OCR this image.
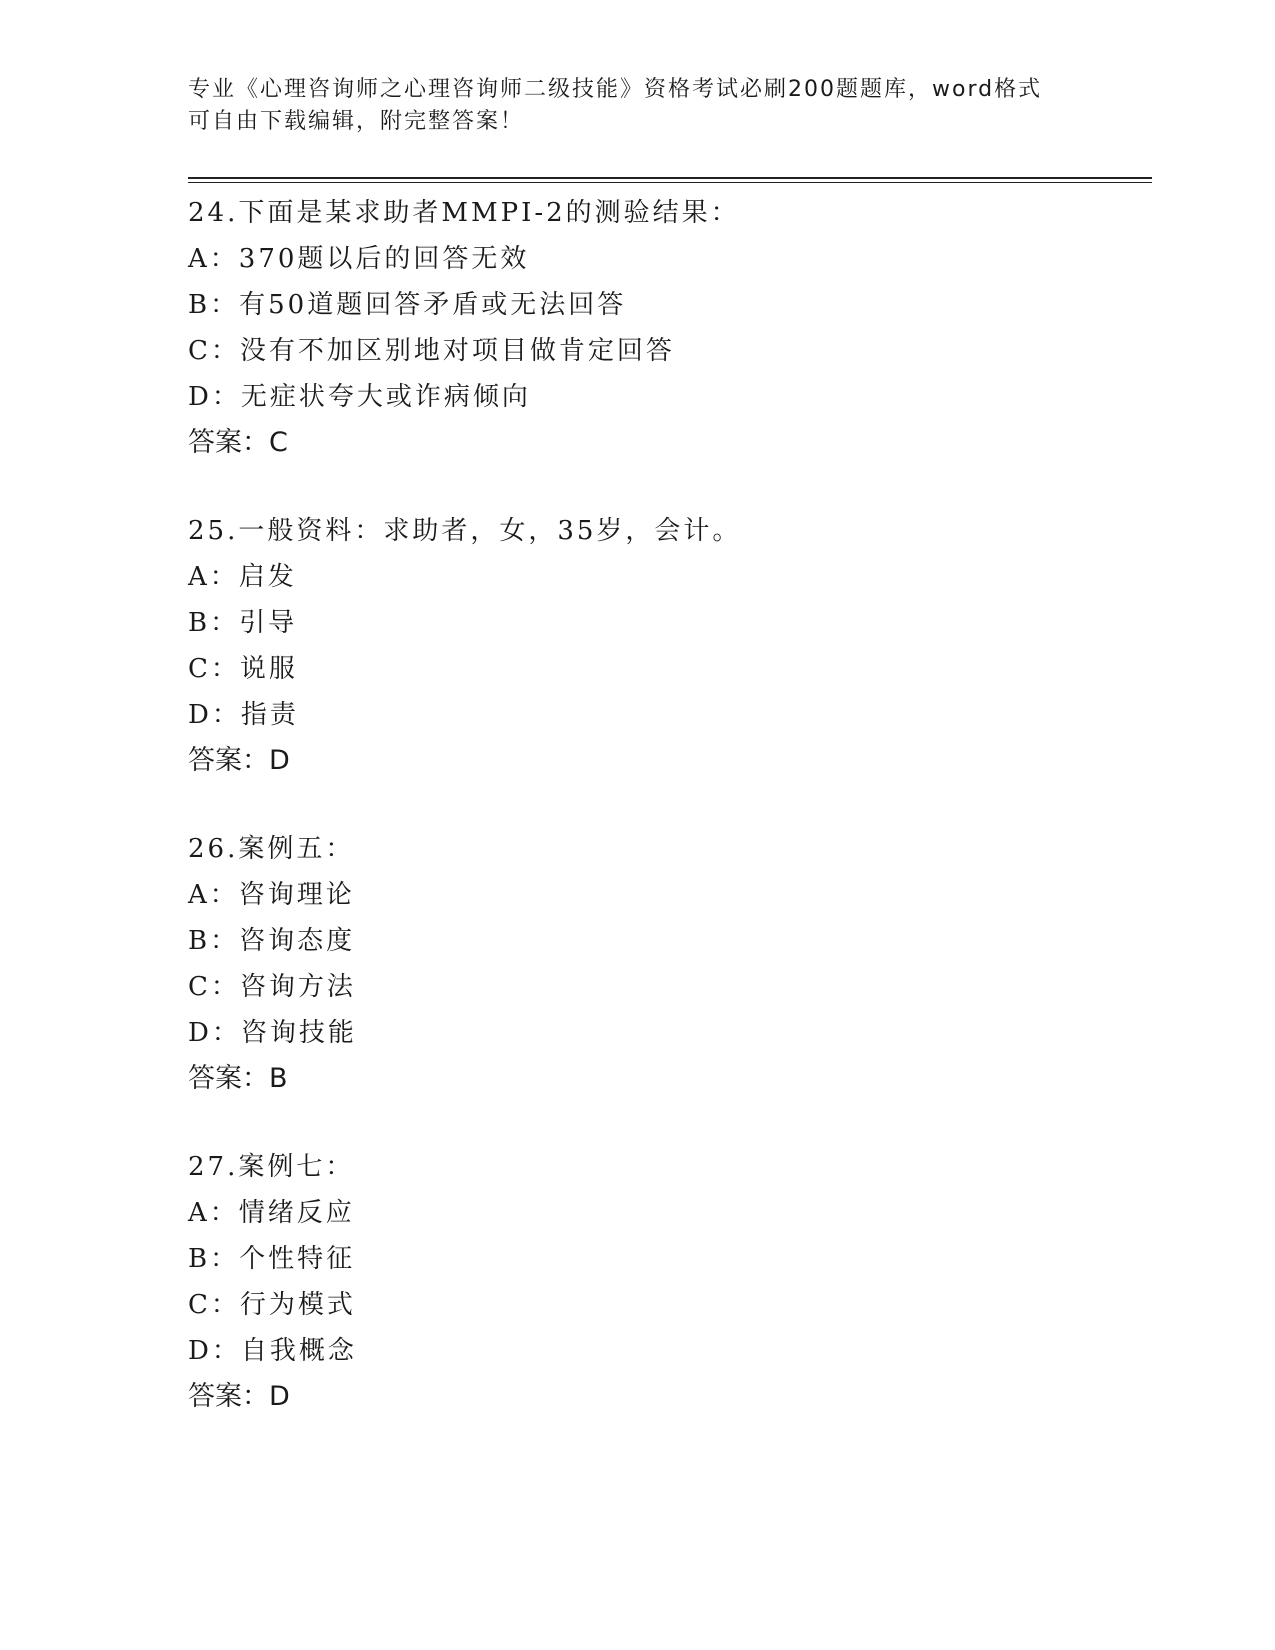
专业《心理咨询师之心理咨询师二级技能》资格考试必刷200题题库，word格式
可自由下载编辑，附完整答案！
24.下面是某求助者MMPI-2的测验结果：
A：370题以后的回答无效
B：有50道题回答矛盾或无法回答
C：没有不加区别地对项目做肯定回答
D：无症状夸大或诈病倾向
答案：C
25.一般资料：求助者，女，35岁，会计。
A：启发
B：引导
C：说服
D：指责
答案：D
26.案例五：
A：咨询理论
B：咨询态度
C：咨询方法
D：咨询技能
答案：B
27.案例七：
A：情绪反应
B：个性特征
C：行为模式
D：自我概念
答案：D
